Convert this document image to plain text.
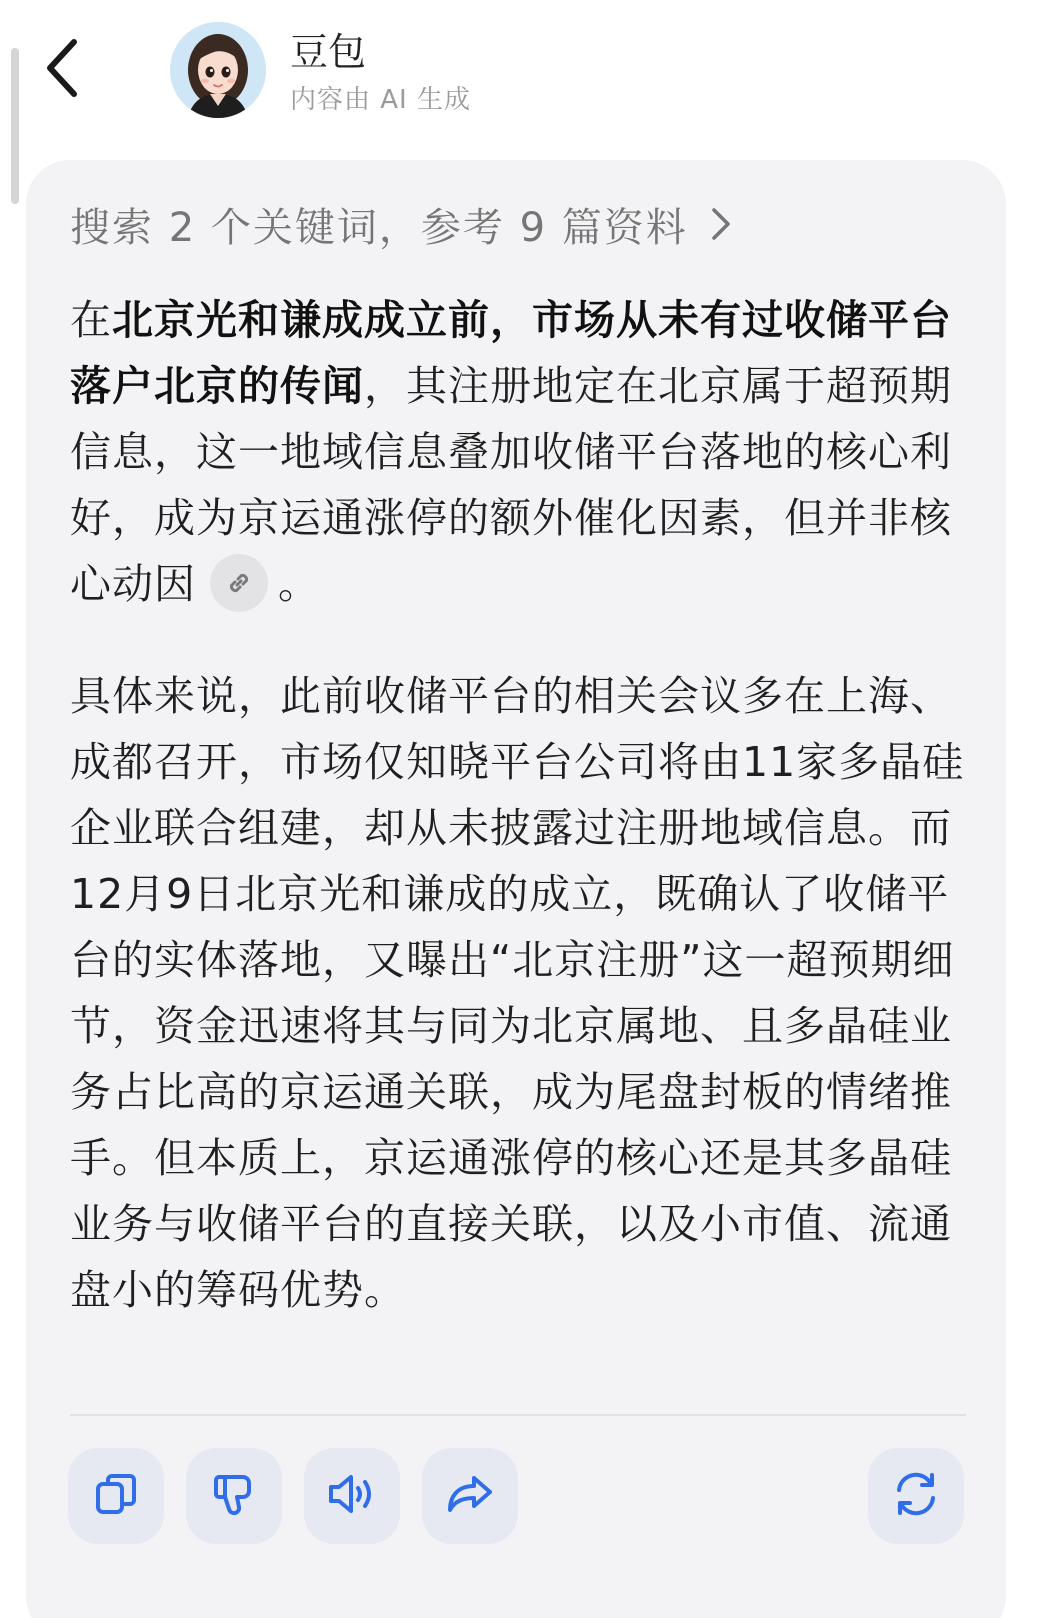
豆包
内容由 AI 生成
搜索 2 个关键词，参考 9 篇资料
在北京光和谦成成立前，市场从未有过收储平台落户北京的传闻，其注册地定在北京属于超预期信息，这一地域信息叠加收储平台落地的核心利好，成为京运通涨停的额外催化因素，但并非核心动因 。
具体来说，此前收储平台的相关会议多在上海、成都召开，市场仅知晓平台公司将由11家多晶硅企业联合组建，却从未披露过注册地域信息。而12月9日北京光和谦成的成立，既确认了收储平台的实体落地，又曝出“北京注册”这一超预期细节，资金迅速将其与同为北京属地、且多晶硅业务占比高的京运通关联，成为尾盘封板的情绪推手。但本质上，京运通涨停的核心还是其多晶硅业务与收储平台的直接关联，以及小市值、流通盘小的筹码优势。
